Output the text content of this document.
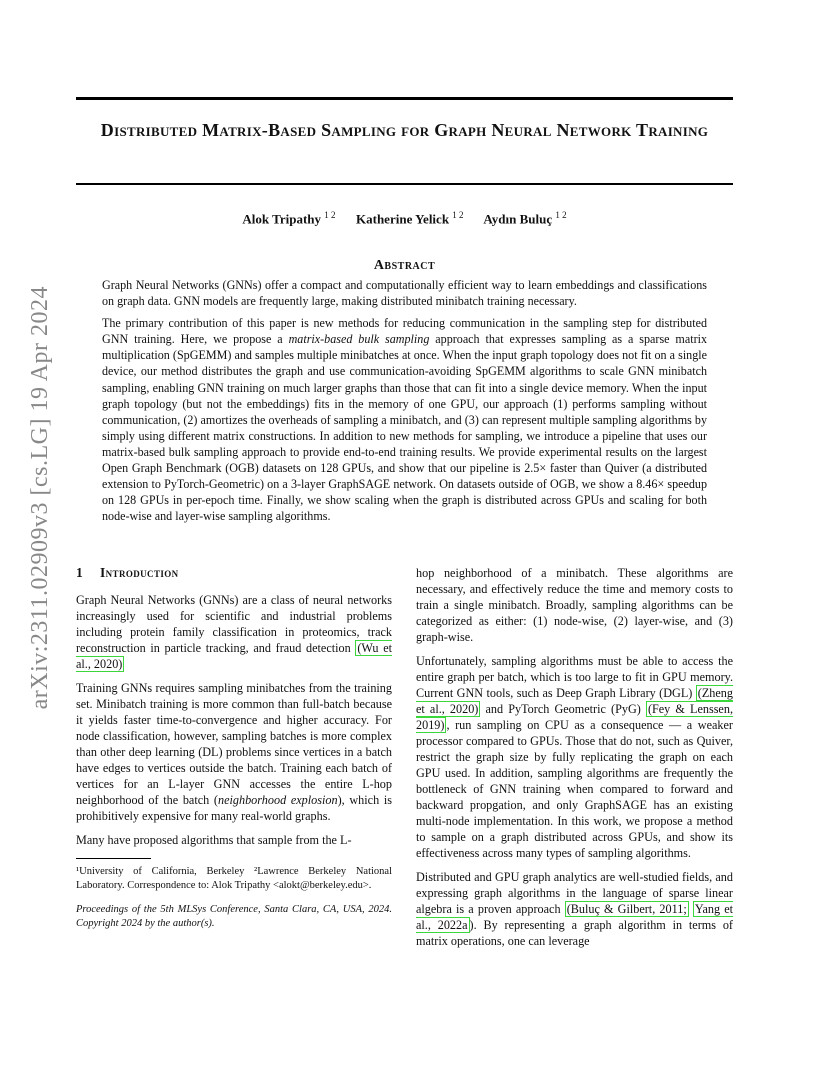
arXiv:2311.02909v3 [cs.LG] 19 Apr 2024
Distributed Matrix-Based Sampling for Graph Neural Network Training
Alok Tripathy $^{1 2}$ Katherine Yelick $^{1 2}$ Aydın Buluç $^{1 2}$
Abstract

Graph Neural Networks (GNNs) offer a compact and computationally efficient way to learn embeddings and classifications on graph data. GNN models are frequently large, making distributed minibatch training necessary.

The primary contribution of this paper is new methods for reducing communication in the sampling step for distributed GNN training. Here, we propose a matrix-based bulk sampling approach that expresses sampling as a sparse matrix multiplication (SpGEMM) and samples multiple minibatches at once. When the input graph topology does not fit on a single device, our method distributes the graph and use communication-avoiding SpGEMM algorithms to scale GNN minibatch sampling, enabling GNN training on much larger graphs than those that can fit into a single device memory. When the input graph topology (but not the embeddings) fits in the memory of one GPU, our approach (1) performs sampling without communication, (2) amortizes the overheads of sampling a minibatch, and (3) can represent multiple sampling algorithms by simply using different matrix constructions. In addition to new methods for sampling, we introduce a pipeline that uses our matrix-based bulk sampling approach to provide end-to-end training results. We provide experimental results on the largest Open Graph Benchmark (OGB) datasets on 128 GPUs, and show that our pipeline is 2.5× faster than Quiver (a distributed extension to PyTorch-Geometric) on a 3-layer GraphSAGE network. On datasets outside of OGB, we show a 8.46× speedup on 128 GPUs in per-epoch time. Finally, we show scaling when the graph is distributed across GPUs and scaling for both node-wise and layer-wise sampling algorithms.

1 Introduction

Graph Neural Networks (GNNs) are a class of neural networks increasingly used for scientific and industrial problems including protein family classification in proteomics, track reconstruction in particle tracking, and fraud detection (Wu et al., 2020)

Training GNNs requires sampling minibatches from the training set. Minibatch training is more common than full-batch because it yields faster time-to-convergence and higher accuracy. For node classification, however, sampling batches is more complex than other deep learning (DL) problems since vertices in a batch have edges to vertices outside the batch. Training each batch of vertices for an L-layer GNN accesses the entire L-hop neighborhood of the batch (neighborhood explosion), which is prohibitively expensive for many real-world graphs.

Many have proposed algorithms that sample from the L-

¹University of California, Berkeley ²Lawrence Berkeley National Laboratory. Correspondence to: Alok Tripathy <alokt@berkeley.edu>.

Proceedings of the 5th MLSys Conference, Santa Clara, CA, USA, 2024. Copyright 2024 by the author(s).

hop neighborhood of a minibatch. These algorithms are necessary, and effectively reduce the time and memory costs to train a single minibatch. Broadly, sampling algorithms can be categorized as either: (1) node-wise, (2) layer-wise, and (3) graph-wise.

Unfortunately, sampling algorithms must be able to access the entire graph per batch, which is too large to fit in GPU memory. Current GNN tools, such as Deep Graph Library (DGL) (Zheng et al., 2020) and PyTorch Geometric (PyG) (Fey & Lenssen, 2019) , run sampling on CPU as a consequence — a weaker processor compared to GPUs. Those that do not, such as Quiver, restrict the graph size by fully replicating the graph on each GPU used. In addition, sampling algorithms are frequently the bottleneck of GNN training when compared to forward and backward propgation, and only GraphSAGE has an existing multi-node implementation. In this work, we propose a method to sample on a graph distributed across GPUs, and show its effectiveness across many types of sampling algorithms.

Distributed and GPU graph analytics are well-studied fields, and expressing graph algorithms in the language of sparse linear algebra is a proven approach (Buluç & Gilbert, 2011; Yang et al., 2022a ). By representing a graph algorithm in terms of matrix operations, one can leverage
